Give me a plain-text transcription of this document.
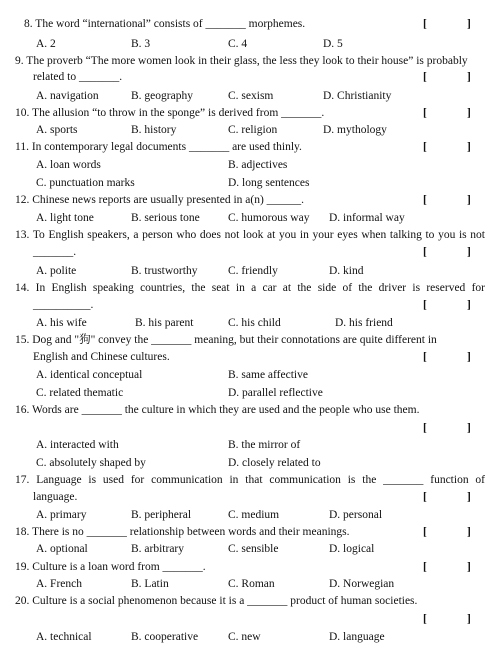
8. The word “international” consists of _______ morphemes.	[	]
A. 2	B. 3	C. 4	D. 5
9. The proverb “The more women look in their glass, the less they look to their house” is probably
related to _______.	[	]
A. navigation	B. geography	C. sexism	D. Christianity
10. The allusion “to throw in the sponge” is derived from _______.	[	]
A. sports	B. history	C. religion	D. mythology
11. In contemporary legal documents _______ are used thinly.	[	]
A. loan words	B. adjectives
C. punctuation marks	D. long sentences
12. Chinese news reports are usually presented in a(n) ______.	[	]
A. light tone	B. serious tone C. humorous way D. informal way
13. To English speakers, a person who does not look at you in your eyes when talking to you is not
_______.	[	]
A. polite	B. trustworthy	C. friendly	D. kind
14. In English speaking countries, the seat in a car at the side of the driver is reserved for
__________.	[	]
A. his wife	B. his parent	C. his child	D. his friend
15. Dog and "狗" convey the _______ meaning, but their connotations are quite different in
English and Chinese cultures.	[	]
A. identical conceptual	B. same affective
C. related thematic	D. parallel reflective
16. Words are _______ the culture in which they are used and the people who use them.
[	]
A. interacted with	B. the mirror of
C. absolutely shaped by	D. closely related to
17. Language is used for communication in that communication is the _______ function of
language.	[	]
A. primary	B. peripheral	C. medium	D. personal
18. There is no _______ relationship between words and their meanings.	[	]
A. optional	B. arbitrary	C. sensible	D. logical
19. Culture is a loan word from _______.	[	]
A. French	B. Latin	C. Roman	D. Norwegian
20. Culture is a social phenomenon because it is a _______ product of human societies.
[	]
A. technical	B. cooperative	C. new	D. language
